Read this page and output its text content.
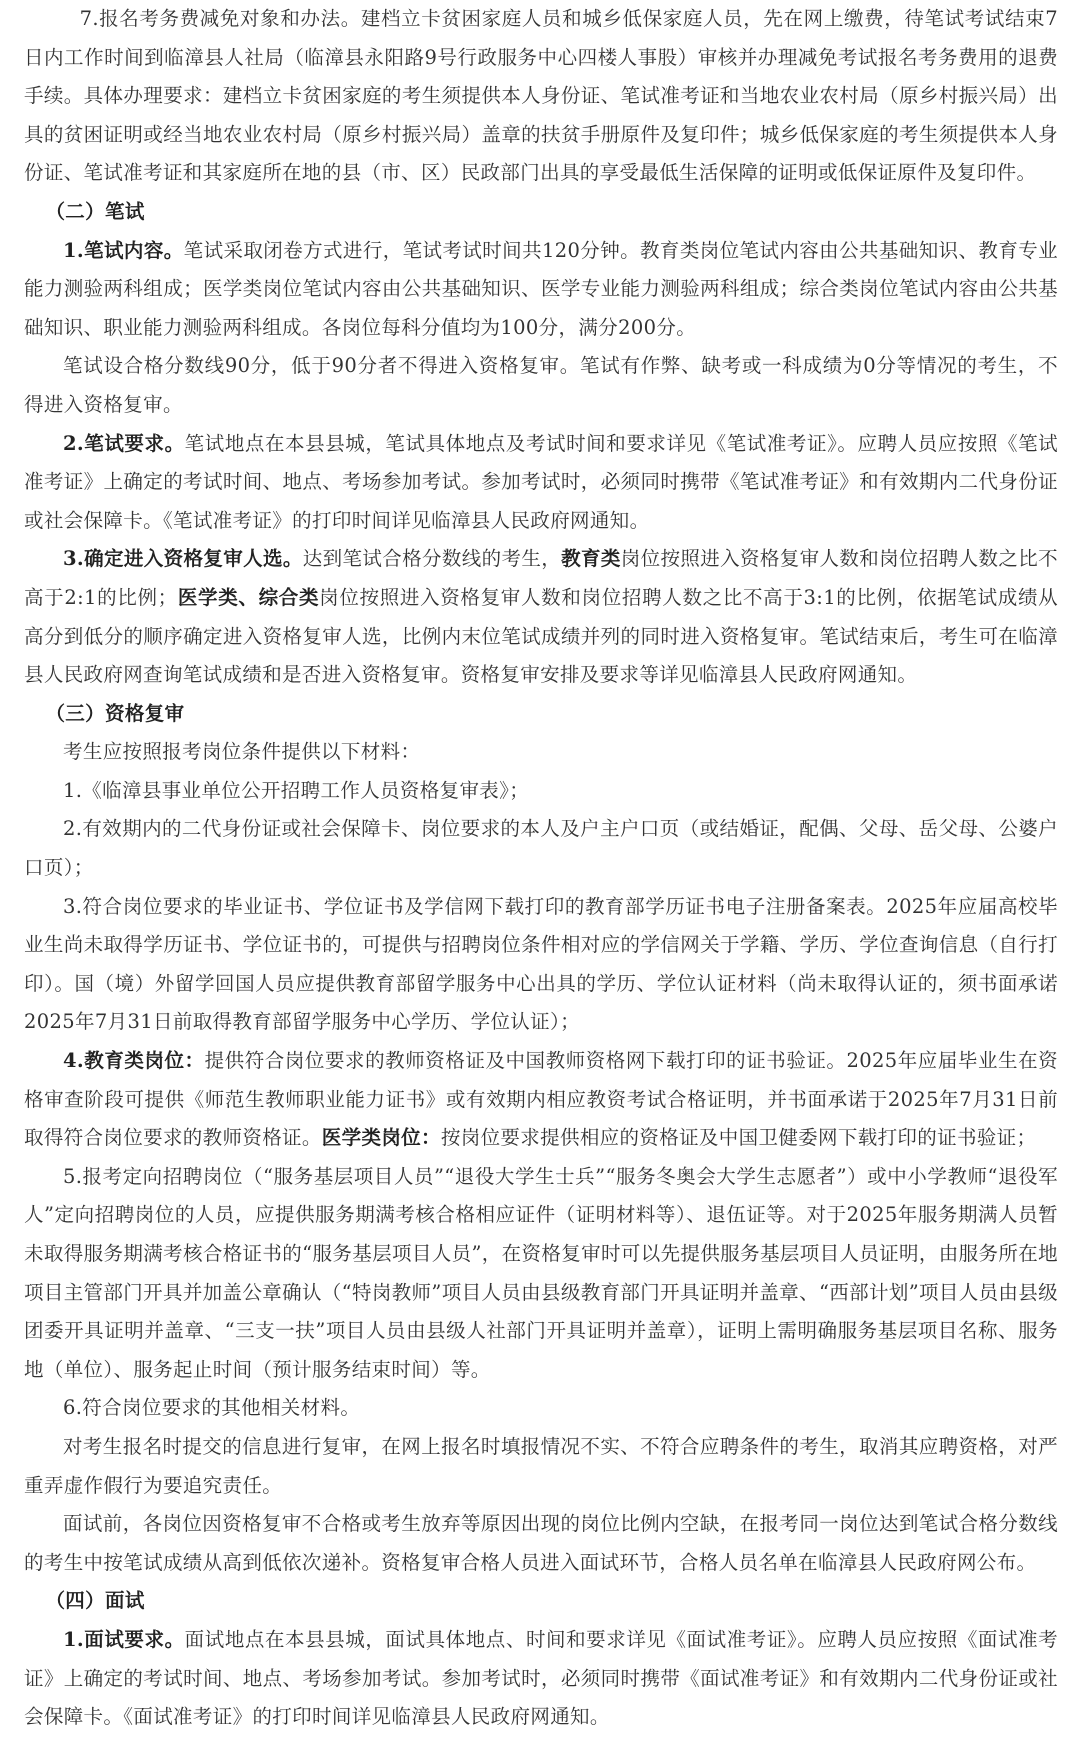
7.报名考务费减免对象和办法。建档立卡贫困家庭人员和城乡低保家庭人员，先在网上缴费，待笔试考试结束7日内工作时间到临漳县人社局（临漳县永阳路9号行政服务中心四楼人事股）审核并办理减免考试报名考务费用的退费手续。具体办理要求：建档立卡贫困家庭的考生须提供本人身份证、笔试准考证和当地农业农村局（原乡村振兴局）出具的贫困证明或经当地农业农村局（原乡村振兴局）盖章的扶贫手册原件及复印件；城乡低保家庭的考生须提供本人身份证、笔试准考证和其家庭所在地的县（市、区）民政部门出具的享受最低生活保障的证明或低保证原件及复印件。

（二）笔试

1.笔试内容。笔试采取闭卷方式进行，笔试考试时间共120分钟。教育类岗位笔试内容由公共基础知识、教育专业能力测验两科组成；医学类岗位笔试内容由公共基础知识、医学专业能力测验两科组成；综合类岗位笔试内容由公共基础知识、职业能力测验两科组成。各岗位每科分值均为100分，满分200分。

笔试设合格分数线90分，低于90分者不得进入资格复审。笔试有作弊、缺考或一科成绩为0分等情况的考生，不得进入资格复审。

2.笔试要求。笔试地点在本县县城，笔试具体地点及考试时间和要求详见《笔试准考证》。应聘人员应按照《笔试准考证》上确定的考试时间、地点、考场参加考试。参加考试时，必须同时携带《笔试准考证》和有效期内二代身份证或社会保障卡。《笔试准考证》的打印时间详见临漳县人民政府网通知。

3.确定进入资格复审人选。达到笔试合格分数线的考生，教育类岗位按照进入资格复审人数和岗位招聘人数之比不高于2:1的比例；医学类、综合类岗位按照进入资格复审人数和岗位招聘人数之比不高于3:1的比例，依据笔试成绩从高分到低分的顺序确定进入资格复审人选，比例内末位笔试成绩并列的同时进入资格复审。笔试结束后，考生可在临漳县人民政府网查询笔试成绩和是否进入资格复审。资格复审安排及要求等详见临漳县人民政府网通知。

（三）资格复审

考生应按照报考岗位条件提供以下材料：

1.《临漳县事业单位公开招聘工作人员资格复审表》；

2.有效期内的二代身份证或社会保障卡、岗位要求的本人及户主户口页（或结婚证，配偶、父母、岳父母、公婆户口页）；

3.符合岗位要求的毕业证书、学位证书及学信网下载打印的教育部学历证书电子注册备案表。2025年应届高校毕业生尚未取得学历证书、学位证书的，可提供与招聘岗位条件相对应的学信网关于学籍、学历、学位查询信息（自行打印）。国（境）外留学回国人员应提供教育部留学服务中心出具的学历、学位认证材料（尚未取得认证的，须书面承诺2025年7月31日前取得教育部留学服务中心学历、学位认证）；

4.教育类岗位：提供符合岗位要求的教师资格证及中国教师资格网下载打印的证书验证。2025年应届毕业生在资格审查阶段可提供《师范生教师职业能力证书》或有效期内相应教资考试合格证明，并书面承诺于2025年7月31日前取得符合岗位要求的教师资格证。医学类岗位：按岗位要求提供相应的资格证及中国卫健委网下载打印的证书验证；

5.报考定向招聘岗位（“服务基层项目人员”“退役大学生士兵”“服务冬奥会大学生志愿者”）或中小学教师“退役军人”定向招聘岗位的人员，应提供服务期满考核合格相应证件（证明材料等）、退伍证等。对于2025年服务期满人员暂未取得服务期满考核合格证书的“服务基层项目人员”，在资格复审时可以先提供服务基层项目人员证明，由服务所在地项目主管部门开具并加盖公章确认（“特岗教师”项目人员由县级教育部门开具证明并盖章、“西部计划”项目人员由县级团委开具证明并盖章、“三支一扶”项目人员由县级人社部门开具证明并盖章），证明上需明确服务基层项目名称、服务地（单位）、服务起止时间（预计服务结束时间）等。

6.符合岗位要求的其他相关材料。

对考生报名时提交的信息进行复审，在网上报名时填报情况不实、不符合应聘条件的考生，取消其应聘资格，对严重弄虚作假行为要追究责任。

面试前，各岗位因资格复审不合格或考生放弃等原因出现的岗位比例内空缺，在报考同一岗位达到笔试合格分数线的考生中按笔试成绩从高到低依次递补。资格复审合格人员进入面试环节，合格人员名单在临漳县人民政府网公布。

（四）面试

1.面试要求。面试地点在本县县城，面试具体地点、时间和要求详见《面试准考证》。应聘人员应按照《面试准考证》上确定的考试时间、地点、考场参加考试。参加考试时，必须同时携带《面试准考证》和有效期内二代身份证或社会保障卡。《面试准考证》的打印时间详见临漳县人民政府网通知。
